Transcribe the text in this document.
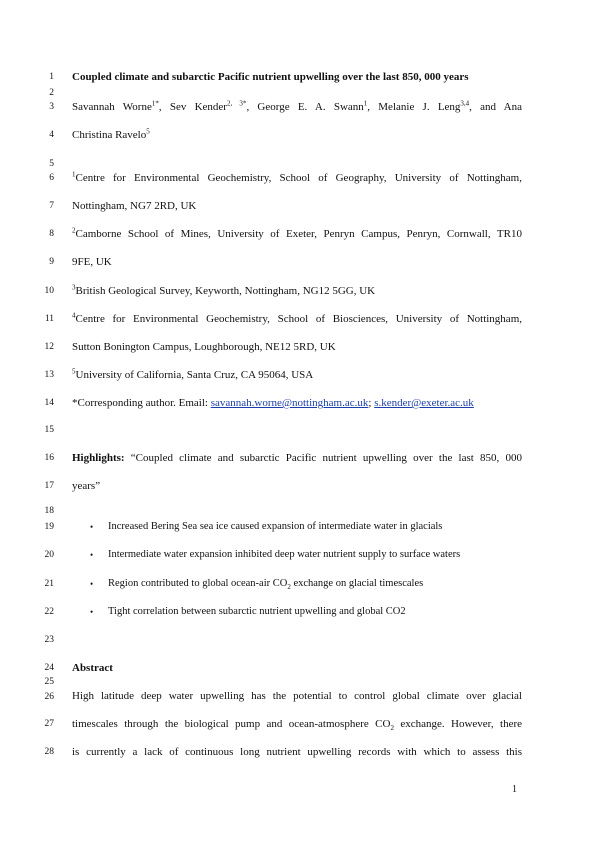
1
2
3
4
5
6
7
8
9
10
11
12
13
14
15
16
17
18
19
20
21
22
23
24
25
26
27
28
Coupled climate and subarctic Pacific nutrient upwelling over the last 850, 000 years
Savannah Worne$^{1*}$, Sev Kender$^{2, 3*}$, George E. A. Swann$^1$, Melanie J. Leng$^{3,4}$, and Ana
Christina Ravelo$^5$
$^1$Centre for Environmental Geochemistry, School of Geography, University of Nottingham,
Nottingham, NG7 2RD, UK
$^2$Camborne School of Mines, University of Exeter, Penryn Campus, Penryn, Cornwall, TR10
9FE, UK
$^3$British Geological Survey, Keyworth, Nottingham, NG12 5GG, UK
$^4$Centre for Environmental Geochemistry, School of Biosciences, University of Nottingham,
Sutton Bonington Campus, Loughborough, NE12 5RD, UK
$^5$University of California, Santa Cruz, CA 95064, USA
*Corresponding author. Email: savannah.worne@nottingham.ac.uk; s.kender@exeter.ac.uk
Highlights: “Coupled climate and subarctic Pacific nutrient upwelling over the last 850, 000
years”
• Increased Bering Sea sea ice caused expansion of intermediate water in glacials
• Intermediate water expansion inhibited deep water nutrient supply to surface waters
• Region contributed to global ocean-air $CO_2$ exchange on glacial timescales
• Tight correlation between subarctic nutrient upwelling and global CO2
Abstract
High latitude deep water upwelling has the potential to control global climate over glacial
timescales through the biological pump and ocean-atmosphere $CO_2$ exchange. However, there
is currently a lack of continuous long nutrient upwelling records with which to assess this
1
